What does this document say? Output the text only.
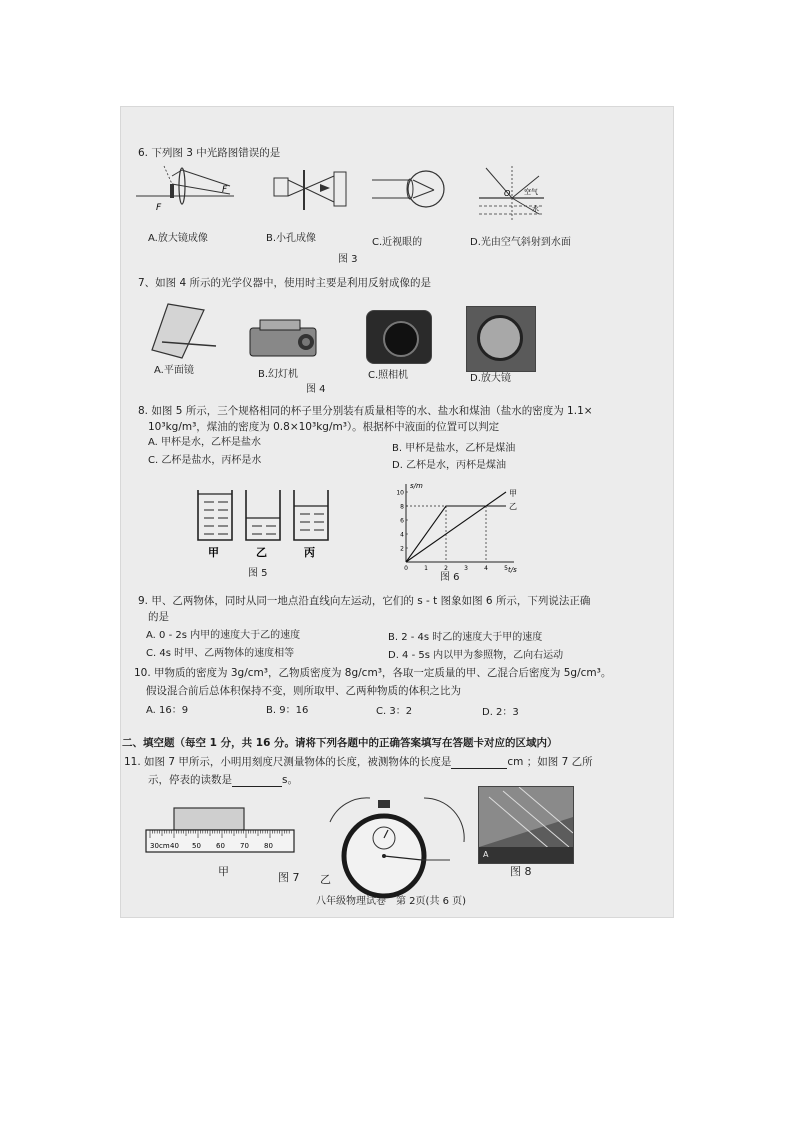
6. 下列图 3 中光路图错误的是
F
F	O 空气
水
A.放大镜成像	B.小孔成像	C.近视眼的	D.光由空气斜射到水面
图 3
7、如图 4 所示的光学仪器中，使用时主要是利用反射成像的是
A.平面镜	B.幻灯机	C.照相机	D.放大镜
图 4
8. 如图 5 所示，三个规格相同的杯子里分别装有质量相等的水、盐水和煤油（盐水的密度为 1.1×
10³kg/m³，煤油的密度为 0.8×10³kg/m³）。根据杯中液面的位置可以判定
A. 甲杯是水，乙杯是盐水
B. 甲杯是盐水，乙杯是煤油
C. 乙杯是盐水，丙杯是水	D. 乙杯是水，丙杯是煤油
甲	乙	丙
图 5
10
8
6
4
2
0	1	2	3	4	5
s/m
t/s
甲
乙
图 6
9. 甲、乙两物体，同时从同一地点沿直线向左运动，它们的 s - t 图象如图 6 所示，下列说法正确
的是
A. 0 - 2s 内甲的速度大于乙的速度	B. 2 - 4s 时乙的速度大于甲的速度
C. 4s 时甲、乙两物体的速度相等	D. 4 - 5s 内以甲为参照物，乙向右运动
10. 甲物质的密度为 3g/cm³，乙物质密度为 8g/cm³，各取一定质量的甲、乙混合后密度为 5g/cm³。
假设混合前后总体积保持不变，则所取甲、乙两种物质的体积之比为
A. 16：9	B. 9：16	C. 3：2	D. 2：3
二、填空题（每空 1 分，共 16 分。请将下列各题中的正确答案填写在答题卡对应的区域内）
11. 如图 7 甲所示，小明用刻度尺测量物体的长度，被测物体的长度是	cm ；如图 7 乙所
示，停表的读数是	s。
30 cm 40 50 60 70 80
甲	图 7 乙
A
图 8
八年级物理试卷　第 2页(共 6 页)
